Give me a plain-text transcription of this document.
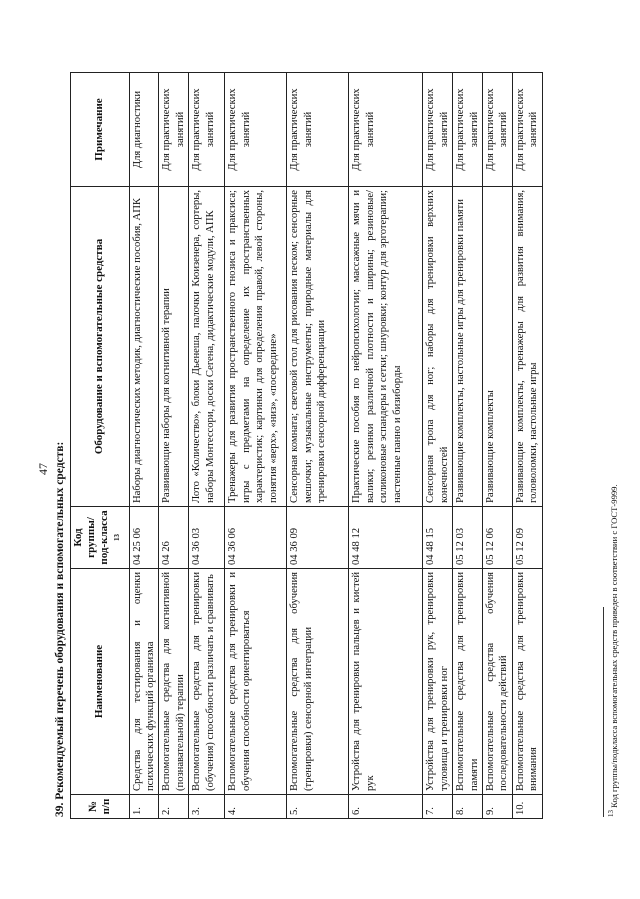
47 39. Рекомендуемый перечень оборудования и вспомогательных средств: № п/п	Наименование	Код группы/под-класса $^{13}$	Оборудование и вспомогательные средства	Примечание
1.	Средства для тестирования и оценки психических функций организма	04 25 06	Наборы диагностических методик, диагностические пособия, АПК	Для диагностики
2.	Вспомогательные средства для когнитивной (познавательной) терапии	04 26	Развивающие наборы для когнитивной терапии	Для практических занятий
3.	Вспомогательные средства для тренировки (обучения) способности различать и сравнивать	04 36 03	Лото «Количество», блоки Дьенеша, палочки Кюизенера, сортеры, наборы Монтессори, доски Сегена, дидактические модули, АПК	Для практических занятий
4.	Вспомогательные средства для тренировки и обучения способности ориентироваться	04 36 06	Тренажеры для развития пространственного гнозиса и праксиса; игры с предметами на определение их пространственных характеристик; картинки для определения правой, левой стороны, понятия «верх», «низ», «посередине»	Для практических занятий
5.	Вспомогательные средства для обучения (тренировки) сенсорной интеграции	04 36 09	Сенсорная комната; световой стол для рисования песком; сенсорные мешочки; музыкальные инструменты; природные материалы для тренировки сенсорной дифференциации	Для практических занятий
6.	Устройства для тренировки пальцев и кистей рук	04 48 12	Практические пособия по нейропсихологии; массажные мячи и валики; резинки различной плотности и ширины; резиновые/силиконовые эспандеры и сетки; шнуровки; контур для эрготерапии; настенные панно и бизиборды	Для практических занятий
7.	Устройства для тренировки рук, тренировки туловища и тренировки ног	04 48 15	Сенсорная тропа для ног; наборы для тренировки верхних конечностей	Для практических занятий
8.	Вспомогательные средства для тренировки памяти	05 12 03	Развивающие комплекты, настольные игры для тренировки памяти	Для практических занятий
9.	Вспомогательные средства обучения последовательности действий	05 12 06	Развивающие комплекты	Для практических занятий
10.	Вспомогательные средства для тренировки внимания	05 12 09	Развивающие комплекты, тренажеры для развития внимания, головоломки, настольные игры	Для практических занятий
$^{13}$ Код группы/подкласса вспомогательных средств приведен в соответствии с ГОСТ-9999.
